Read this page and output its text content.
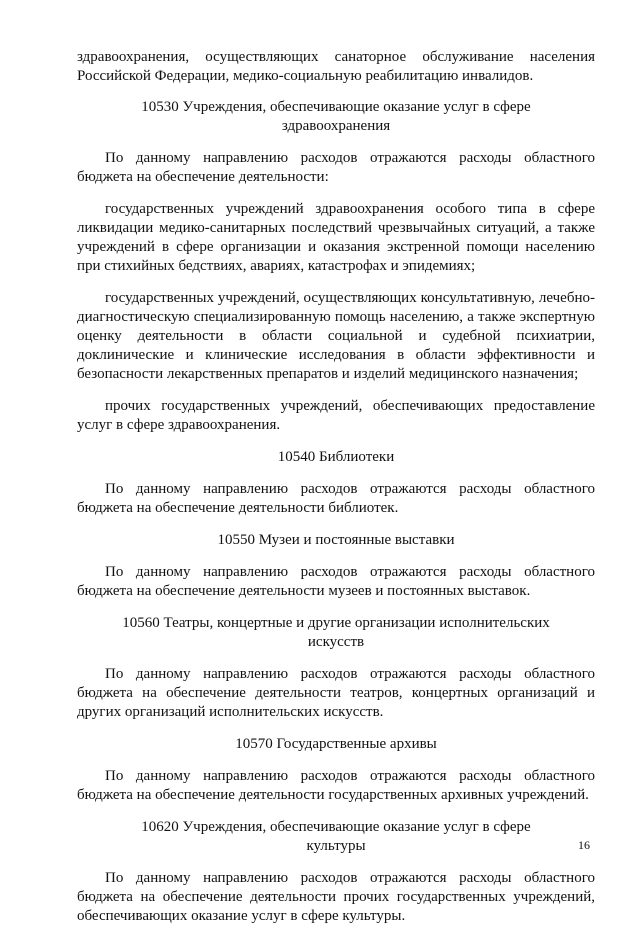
здравоохранения, осуществляющих санаторное обслуживание населения Российской Федерации, медико-социальную реабилитацию инвалидов.

10530 Учреждения, обеспечивающие оказание услуг в сфере здравоохранения

По данному направлению расходов отражаются расходы областного бюджета на обеспечение деятельности:

государственных учреждений здравоохранения особого типа в сфере ликвидации медико-санитарных последствий чрезвычайных ситуаций, а также учреждений в сфере организации и оказания экстренной помощи населению при стихийных бедствиях, авариях, катастрофах и эпидемиях;

государственных учреждений, осуществляющих консультативную, лечебно-диагностическую специализированную помощь населению, а также экспертную оценку деятельности в области социальной и судебной психиатрии, доклинические и клинические исследования в области эффективности и безопасности лекарственных препаратов и изделий медицинского назначения;

прочих государственных учреждений, обеспечивающих предоставление услуг в сфере здравоохранения.

10540 Библиотеки

По данному направлению расходов отражаются расходы областного бюджета на обеспечение деятельности библиотек.

10550 Музеи и постоянные выставки

По данному направлению расходов отражаются расходы областного бюджета на обеспечение деятельности музеев и постоянных выставок.

10560 Театры, концертные и другие организации исполнительских искусств

По данному направлению расходов отражаются расходы областного бюджета на обеспечение деятельности театров, концертных организаций и других организаций исполнительских искусств.

10570 Государственные архивы

По данному направлению расходов отражаются расходы областного бюджета на обеспечение деятельности государственных архивных учреждений.

10620 Учреждения, обеспечивающие оказание услуг в сфере культуры

По данному направлению расходов отражаются расходы областного бюджета на обеспечение деятельности прочих государственных учреждений, обеспечивающих оказание услуг в сфере культуры.

16
